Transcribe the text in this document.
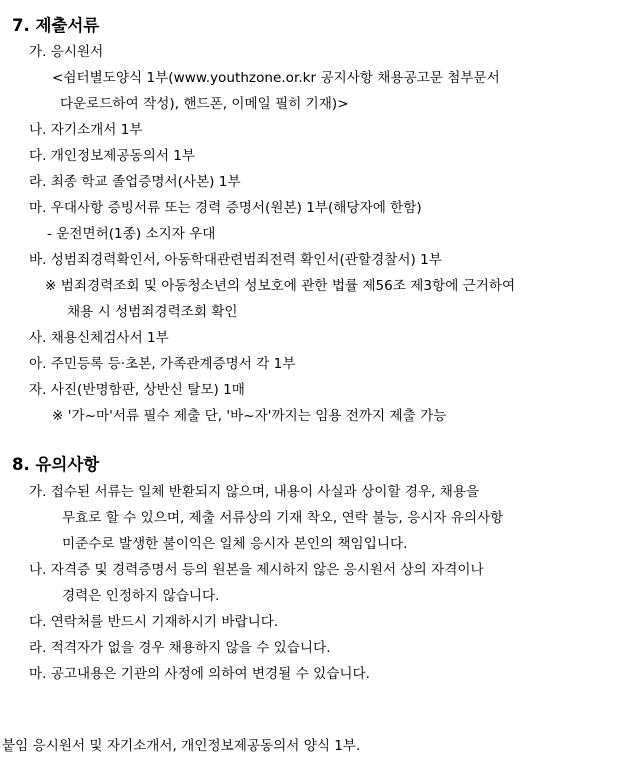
7. 제출서류
가. 응시원서
<쉼터별도양식 1부(www.youthzone.or.kr 공지사항 채용공고문 첨부문서
다운로드하여 작성), 핸드폰, 이메일 필히 기재)>
나. 자기소개서 1부
다. 개인정보제공동의서 1부
라. 최종 학교 졸업증명서(사본) 1부
마. 우대사항 증빙서류 또는 경력 증명서(원본) 1부(해당자에 한함)
- 운전면허(1종) 소지자 우대
바. 성범죄경력확인서, 아동학대관련범죄전력 확인서(관할경찰서) 1부
※ 범죄경력조회 및 아동청소년의 성보호에 관한 법률 제56조 제3항에 근거하여
채용 시 성범죄경력조회 확인
사. 채용신체검사서 1부
아. 주민등록 등·초본, 가족관계증명서 각 1부
자. 사진(반명함판, 상반신 탈모) 1매
※ '가~마'서류 필수 제출 단, '바~자'까지는 임용 전까지 제출 가능
8. 유의사항
가. 접수된 서류는 일체 반환되지 않으며, 내용이 사실과 상이할 경우, 채용을
무효로 할 수 있으며, 제출 서류상의 기재 착오, 연락 불능, 응시자 유의사항
미준수로 발생한 불이익은 일체 응시자 본인의 책임입니다.
나. 자격증 및 경력증명서 등의 원본을 제시하지 않은 응시원서 상의 자격이나
경력은 인정하지 않습니다.
다. 연락처를 반드시 기재하시기 바랍니다.
라. 적격자가 없을 경우 채용하지 않을 수 있습니다.
마. 공고내용은 기관의 사정에 의하여 변경될 수 있습니다.
붙임 응시원서 및 자기소개서, 개인정보제공동의서 양식 1부.
